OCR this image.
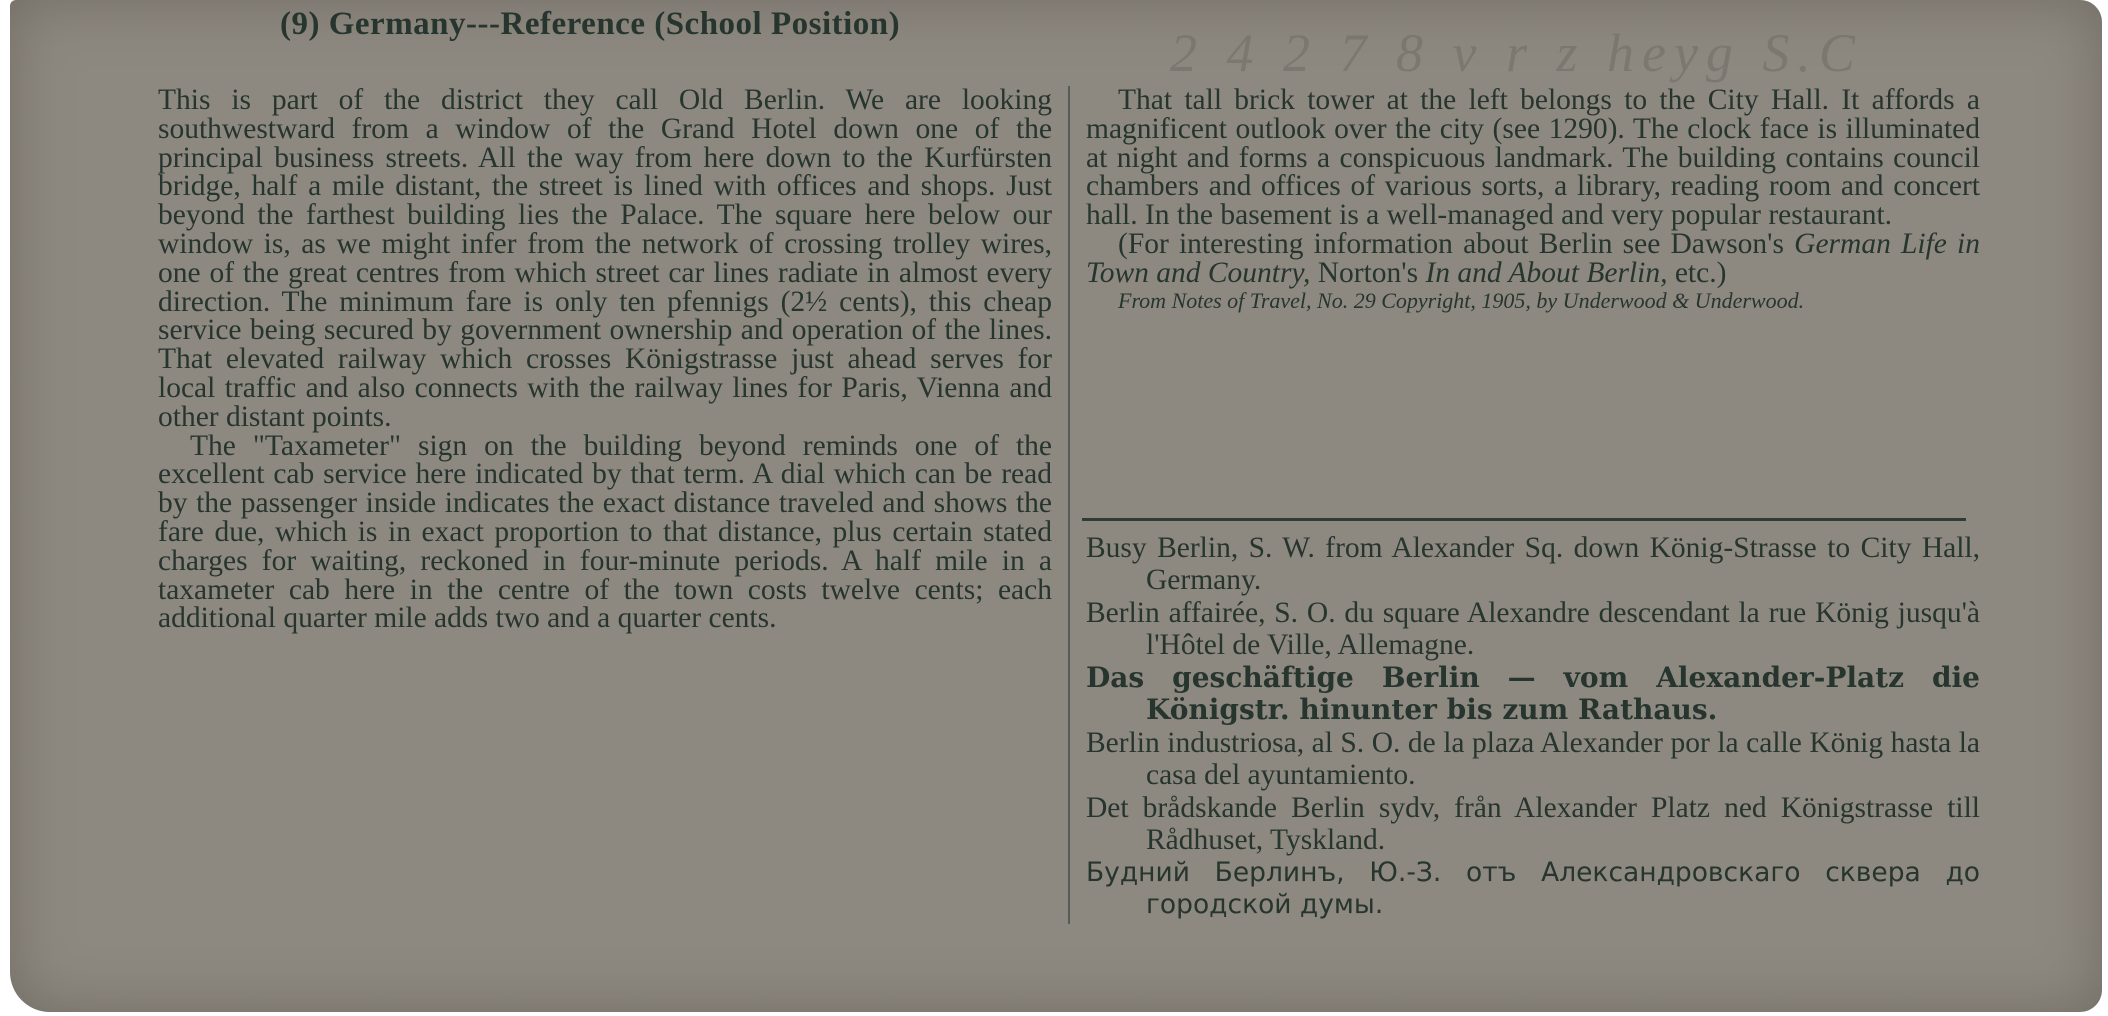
(9) Germany---Reference (School Position)	2 4 2 7 8 v r z heyg S.C

This is part of the district they call Old Berlin. We are looking southwestward from a window of the Grand Hotel down one of the principal business streets. All the way from here down to the Kurfürsten bridge, half a mile distant, the street is lined with offices and shops. Just beyond the farthest building lies the Palace. The square here below our window is, as we might infer from the network of crossing trolley wires, one of the great centres from which street car lines radiate in almost every direction. The minimum fare is only ten pfennigs (2½ cents), this cheap service being secured by government ownership and operation of the lines. That elevated railway which crosses Königstrasse just ahead serves for local traffic and also connects with the railway lines for Paris, Vienna and other distant points.

The "Taxameter" sign on the building beyond reminds one of the excellent cab service here indicated by that term. A dial which can be read by the passenger inside indicates the exact distance traveled and shows the fare due, which is in exact proportion to that distance, plus certain stated charges for waiting, reckoned in four-minute periods. A half mile in a taxameter cab here in the centre of the town costs twelve cents; each additional quarter mile adds two and a quarter cents.

That tall brick tower at the left belongs to the City Hall. It affords a magnificent outlook over the city (see 1290). The clock face is illuminated at night and forms a conspicuous landmark. The building contains council chambers and offices of various sorts, a library, reading room and concert hall. In the basement is a well-managed and very popular restaurant.

(For interesting information about Berlin see Dawson's German Life in Town and Country, Norton's In and About Berlin, etc.)

From Notes of Travel, No. 29 Copyright, 1905, by Underwood & Underwood.

Busy Berlin, S. W. from Alexander Sq. down König-Strasse to City Hall, Germany.

Berlin affairée, S. O. du square Alexandre descendant la rue König jusqu'à l'Hôtel de Ville, Allemagne.

Das geschäftige Berlin — vom Alexander-Platz die Königstr. hinunter bis zum Rathaus.

Berlin industriosa, al S. O. de la plaza Alexander por la calle König hasta la casa del ayuntamiento.

Det brådskande Berlin sydv, från Alexander Platz ned Königstrasse till Rådhuset, Tyskland.

Будний Берлинъ, Ю.-З. отъ Александровскаго сквера до городской думы.
